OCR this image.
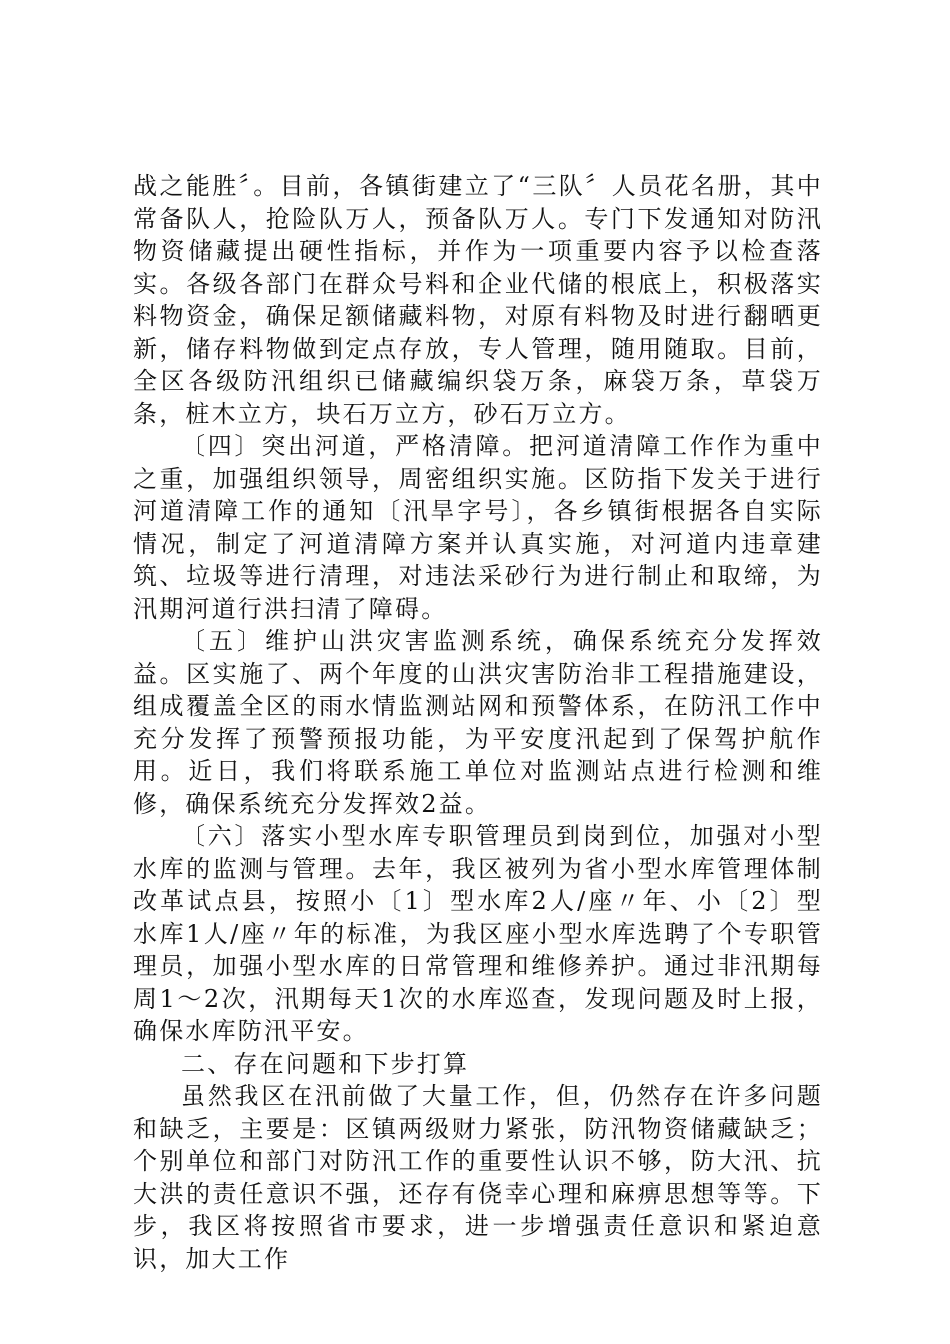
战之能胜〞。目前，各镇街建立了“三队〞人员花名册，其中常备队人，抢险队万人，预备队万人。专门下发通知对防汛物资储藏提出硬性指标，并作为一项重要内容予以检查落实。各级各部门在群众号料和企业代储的根底上，积极落实料物资金，确保足额储藏料物，对原有料物及时进行翻晒更新，储存料物做到定点存放，专人管理，随用随取。目前，全区各级防汛组织已储藏编织袋万条，麻袋万条，草袋万条，桩木立方，块石万立方，砂石万立方。

〔四〕突出河道，严格清障。把河道清障工作作为重中之重，加强组织领导，周密组织实施。区防指下发关于进行河道清障工作的通知〔汛旱字号〕，各乡镇街根据各自实际情况，制定了河道清障方案并认真实施，对河道内违章建筑、垃圾等进行清理，对违法采砂行为进行制止和取缔，为汛期河道行洪扫清了障碍。

〔五〕维护山洪灾害监测系统，确保系统充分发挥效益。区实施了、两个年度的山洪灾害防治非工程措施建设，组成覆盖全区的雨水情监测站网和预警体系，在防汛工作中充分发挥了预警预报功能，为平安度汛起到了保驾护航作用。近日，我们将联系施工单位对监测站点进行检测和维修，确保系统充分发挥效2益。

〔六〕落实小型水库专职管理员到岗到位，加强对小型水库的监测与管理。去年，我区被列为省小型水库管理体制改革试点县，按照小〔1〕型水库2人/座〃年、小〔2〕型水库1人/座〃年的标准，为我区座小型水库选聘了个专职管理员，加强小型水库的日常管理和维修养护。通过非汛期每周1～2次，汛期每天1次的水库巡查，发现问题及时上报，确保水库防汛平安。

二、存在问题和下步打算

虽然我区在汛前做了大量工作，但，仍然存在许多问题和缺乏，主要是：区镇两级财力紧张，防汛物资储藏缺乏；个别单位和部门对防汛工作的重要性认识不够，防大汛、抗大洪的责任意识不强，还存有侥幸心理和麻痹思想等等。下步，我区将按照省市要求，进一步增强责任意识和紧迫意识，加大工作
